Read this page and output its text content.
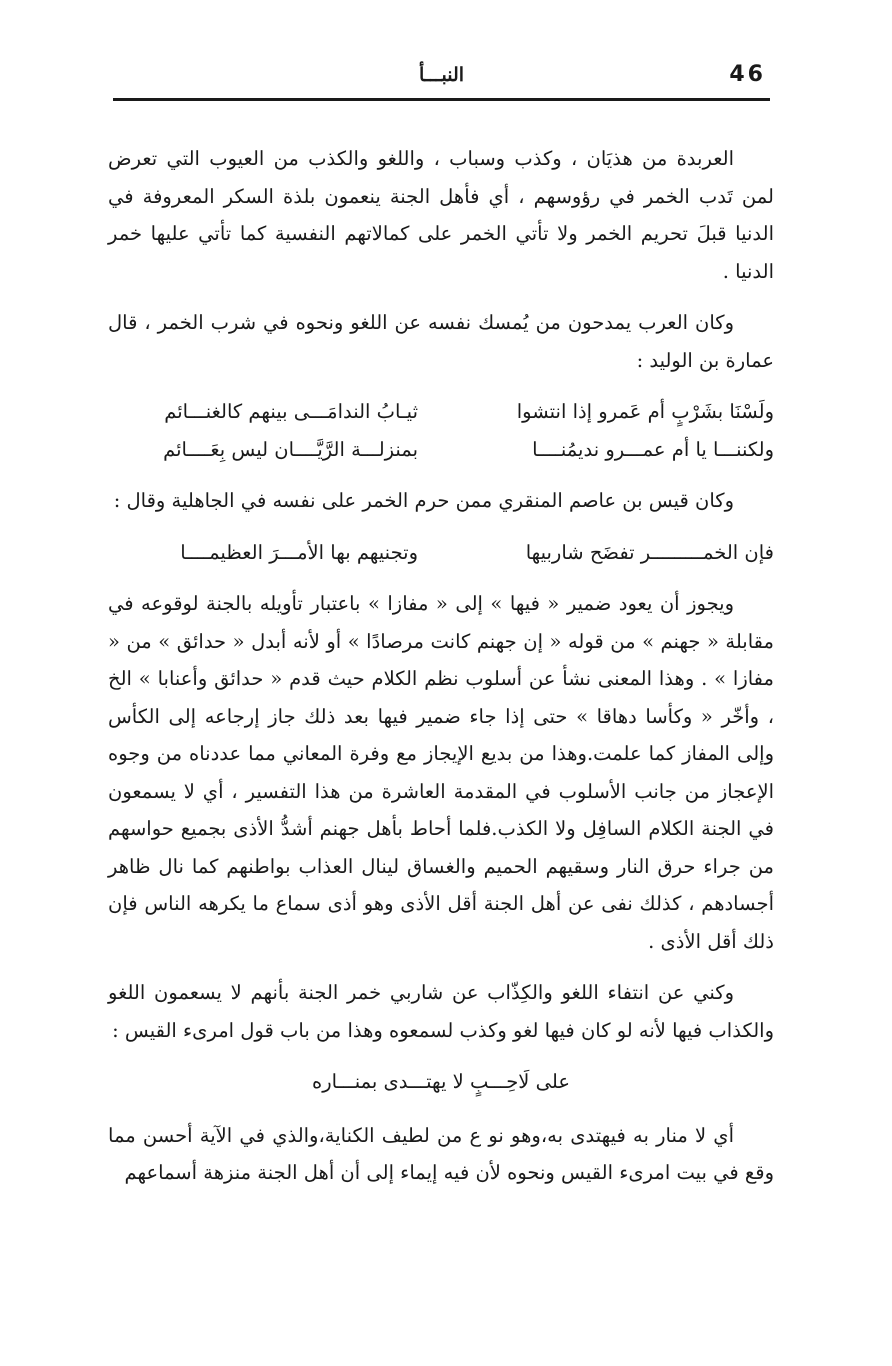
46
النبـــأ

العربدة من هذيَان ، وكذب وسباب ، واللغو والكذب من العيوب التي تعرض لمن تَدب الخمر في رؤوسهم ، أي فأهل الجنة ينعمون بلذة السكر المعروفة في الدنيا قبلَ تحريم الخمر ولا تأتي الخمر على كمالاتهم النفسية كما تأتي عليها خمر الدنيا .

وكان العرب يمدحون من يُمسك نفسه عن اللغو ونحوه في شرب الخمر ، قال عمارة بن الوليد :

ولَسْنَا بشَرْبٍ أم عَمرو إذا انتشوا
ثيـابُ الندامَـــى بينهم كالغنـــائم
ولكننـــا يا أم عمـــرو نديمُنــــا
بمنزلـــة الرَّيَّــــان ليس بِعَــــائم

وكان قيس بن عاصم المنقري ممن حرم الخمر على نفسه في الجاهلية وقال :

فإن الخمـــــــــر تفضَح شاربيها
وتجنيهم بها الأمـــرَ العظيمــــا

ويجوز أن يعود ضمير « فيها » إلى « مفازا » باعتبار تأويله بالجنة لوقوعه في مقابلة « جهنم » من قوله « إن جهنم كانت مرصادًا » أو لأنه أبدل « حدائق » من « مفازا » . وهذا المعنى نشأ عن أسلوب نظم الكلام حيث قدم « حدائق وأعنابا » الخ ، وأخّر « وكأسا دهاقا » حتى إذا جاء ضمير فيها بعد ذلك جاز إرجاعه إلى الكأس وإلى المفاز كما علمت.وهذا من بديع الإيجاز مع وفرة المعاني مما عددناه من وجوه الإعجاز من جانب الأسلوب في المقدمة العاشرة من هذا التفسير ، أي لا يسمعون في الجنة الكلام السافِل ولا الكذب.فلما أحاط بأهل جهنم أشدُّ الأذى بجميع حواسهم من جراء حرق النار وسقيهم الحميم والغساق لينال العذاب بواطنهم كما نال ظاهر أجسادهم ، كذلك نفى عن أهل الجنة أقل الأذى وهو أذى سماع ما يكرهه الناس فإن ذلك أقل الأذى .

وكني عن انتفاء اللغو والكِذّاب عن شاربي خمر الجنة بأنهم لا يسعمون اللغو والكذاب فيها لأنه لو كان فيها لغو وكذب لسمعوه وهذا من باب قول امرىء القيس :

على لَاحِـــبٍ لا يهتـــدى بمنـــاره

أي لا منار به فيهتدى به،وهو نو ع من لطيف الكناية،والذي في الآية أحسن مما وقع في بيت امرىء القيس ونحوه لأن فيه إيماء إلى أن أهل الجنة منزهة أسماعهم
